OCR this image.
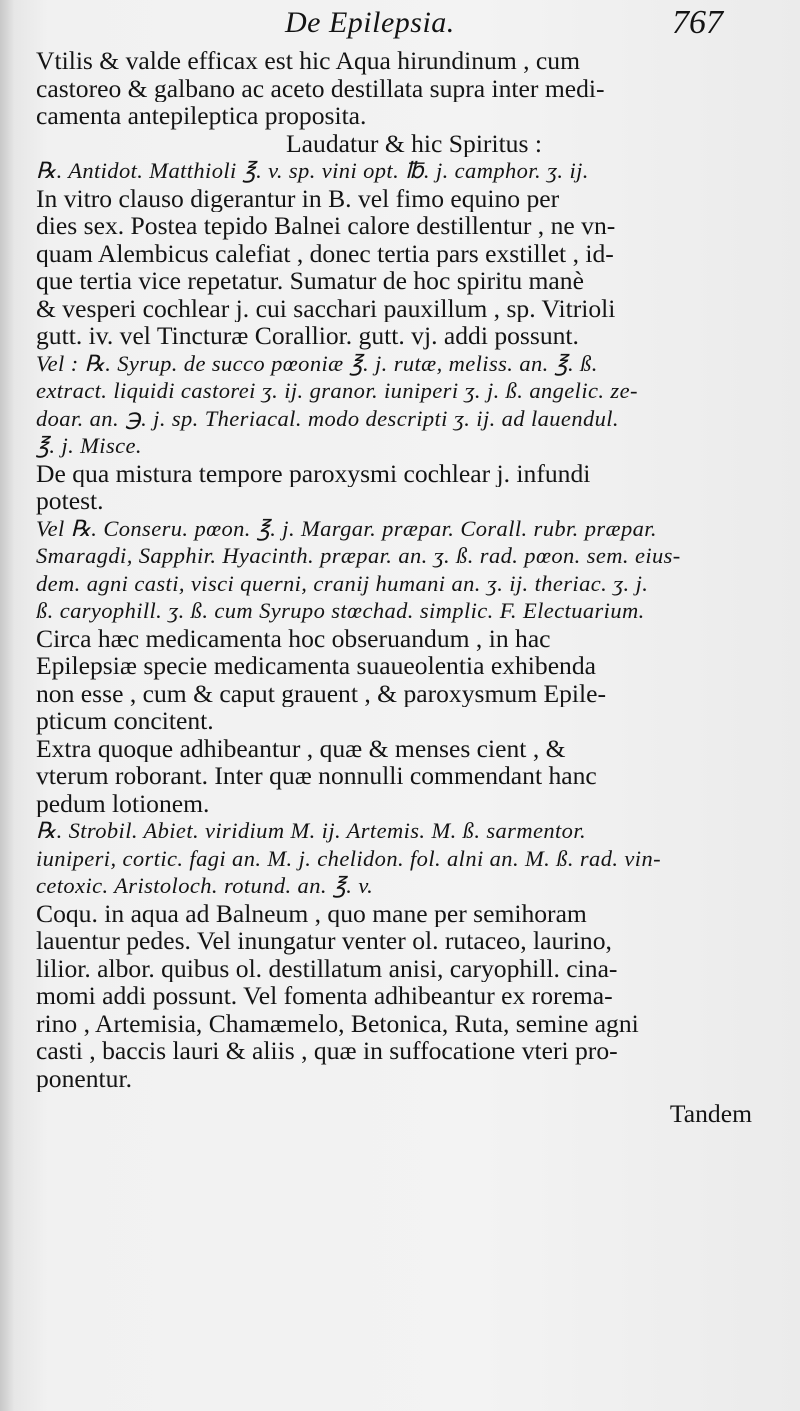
De Epilepsia.	767
Vtilis & valde efficax est hic Aqua hirundinum , cum
castoreo & galbano ac aceto destillata supra inter medi-
camenta antepileptica proposita.
Laudatur & hic Spiritus :
℞. Antidot. Matthioli ℥. v. sp. vini opt. ℔. j. camphor. ʒ. ij.
In vitro clauso digerantur in B. vel fimo equino per
dies sex. Postea tepido Balnei calore destillentur , ne vn-
quam Alembicus calefiat , donec tertia pars exstillet , id-
que tertia vice repetatur. Sumatur de hoc spiritu manè
& vesperi cochlear j. cui sacchari pauxillum , sp. Vitrioli
gutt. iv. vel Tincturæ Corallior. gutt. vj. addi possunt.
Vel : ℞. Syrup. de succo pœoniæ ℥. j. rutæ, meliss. an. ℥. ß.
extract. liquidi castorei ʒ. ij. granor. iuniperi ʒ. j. ß. angelic. ze-
doar. an. ℈. j. sp. Theriacal. modo descripti ʒ. ij. ad lauendul.
℥. j. Misce.
De qua mistura tempore paroxysmi cochlear j. infundi
potest.
Vel ℞. Conseru. pœon. ℥. j. Margar. præpar. Corall. rubr. præpar.
Smaragdi, Sapphir. Hyacinth. præpar. an. ʒ. ß. rad. pœon. sem. eius-
dem. agni casti, visci querni, cranij humani an. ʒ. ij. theriac. ʒ. j.
ß. caryophill. ʒ. ß. cum Syrupo stœchad. simplic. F. Electuarium.
Circa hæc medicamenta hoc obseruandum , in hac
Epilepsiæ specie medicamenta suaueolentia exhibenda
non esse , cum & caput grauent , & paroxysmum Epile-
pticum concitent.
Extra quoque adhibeantur , quæ & menses cient , &
vterum roborant. Inter quæ nonnulli commendant hanc
pedum lotionem.
℞. Strobil. Abiet. viridium M. ij. Artemis. M. ß. sarmentor.
iuniperi, cortic. fagi an. M. j. chelidon. fol. alni an. M. ß. rad. vin-
cetoxic. Aristoloch. rotund. an. ℥. v.
Coqu. in aqua ad Balneum , quo mane per semihoram
lauentur pedes. Vel inungatur venter ol. rutaceo, laurino,
lilior. albor. quibus ol. destillatum anisi, caryophill. cina-
momi addi possunt. Vel fomenta adhibeantur ex rorema-
rino , Artemisia, Chamæmelo, Betonica, Ruta, semine agni
casti , baccis lauri & aliis , quæ in suffocatione vteri pro-
ponentur.
Tandem
